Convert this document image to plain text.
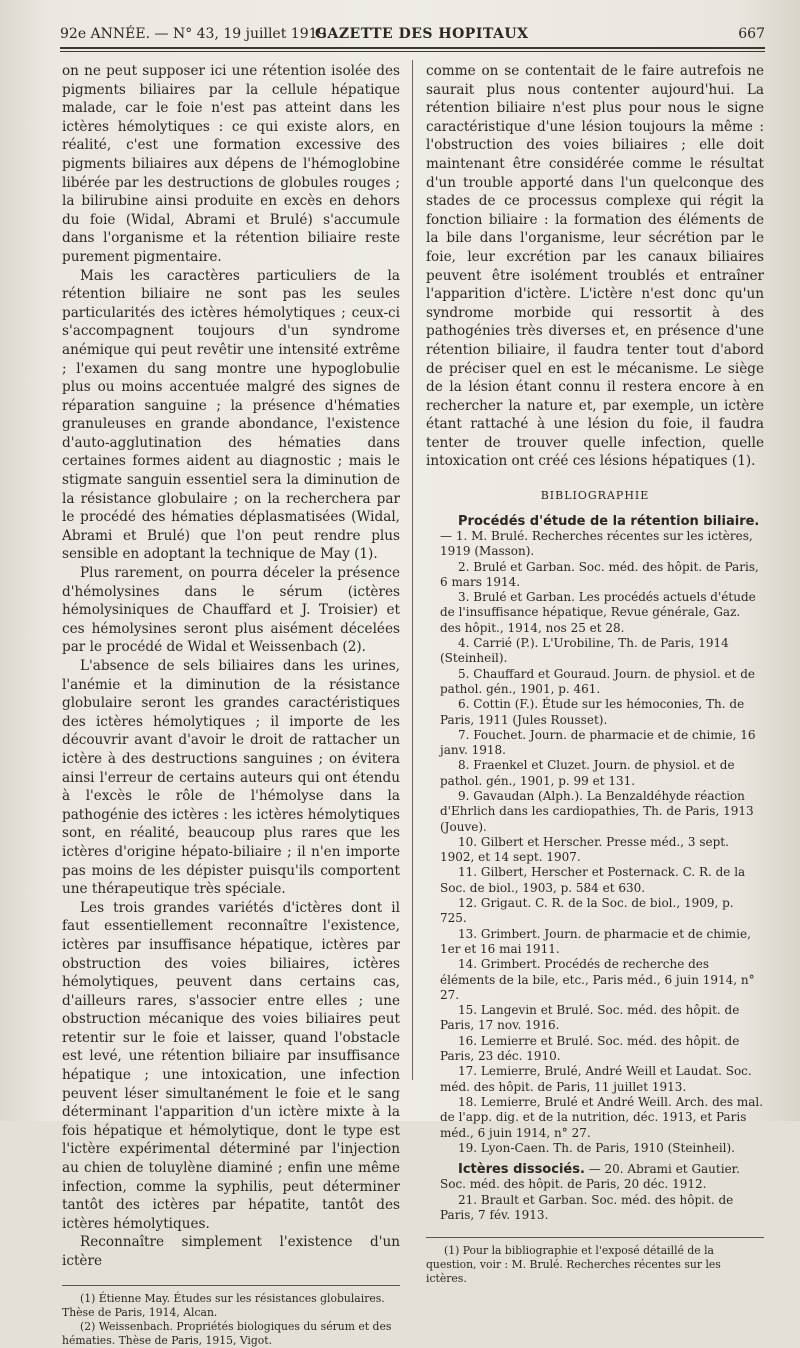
92e ANNÉE. — N° 43, 19 juillet 1919.
GAZETTE DES HOPITAUX	667

on ne peut supposer ici une rétention isolée des pigments biliaires par la cellule hépatique malade, car le foie n'est pas atteint dans les ictères hémolytiques : ce qui existe alors, en réalité, c'est une formation excessive des pigments biliaires aux dépens de l'hémoglobine libérée par les destructions de globules rouges ; la bilirubine ainsi produite en excès en dehors du foie (Widal, Abrami et Brulé) s'accumule dans l'organisme et la rétention biliaire reste purement pigmentaire.

Mais les caractères particuliers de la rétention biliaire ne sont pas les seules particularités des ictères hémolytiques ; ceux-ci s'accompagnent toujours d'un syndrome anémique qui peut revêtir une intensité extrême ; l'examen du sang montre une hypoglobulie plus ou moins accentuée malgré des signes de réparation sanguine ; la présence d'hématies granuleuses en grande abondance, l'existence d'auto-agglutination des hématies dans certaines formes aident au diagnostic ; mais le stigmate sanguin essentiel sera la diminution de la résistance globulaire ; on la recherchera par le procédé des hématies déplasmatisées (Widal, Abrami et Brulé) que l'on peut rendre plus sensible en adoptant la technique de May (1).

Plus rarement, on pourra déceler la présence d'hémolysines dans le sérum (ictères hémolysiniques de Chauffard et J. Troisier) et ces hémolysines seront plus aisément décelées par le procédé de Widal et Weissenbach (2).

L'absence de sels biliaires dans les urines, l'anémie et la diminution de la résistance globulaire seront les grandes caractéristiques des ictères hémolytiques ; il importe de les découvrir avant d'avoir le droit de rattacher un ictère à des destructions sanguines ; on évitera ainsi l'erreur de certains auteurs qui ont étendu à l'excès le rôle de l'hémolyse dans la pathogénie des ictères : les ictères hémolytiques sont, en réalité, beaucoup plus rares que les ictères d'origine hépato-biliaire ; il n'en importe pas moins de les dépister puisqu'ils comportent une thérapeutique très spéciale.

Les trois grandes variétés d'ictères dont il faut essentiellement reconnaître l'existence, ictères par insuffisance hépatique, ictères par obstruction des voies biliaires, ictères hémolytiques, peuvent dans certains cas, d'ailleurs rares, s'associer entre elles ; une obstruction mécanique des voies biliaires peut retentir sur le foie et laisser, quand l'obstacle est levé, une rétention biliaire par insuffisance hépatique ; une intoxication, une infection peuvent léser simultanément le foie et le sang déterminant l'apparition d'un ictère mixte à la fois hépatique et hémolytique, dont le type est l'ictère expérimental déterminé par l'injection au chien de toluylène diaminé ; enfin une même infection, comme la syphilis, peut déterminer tantôt des ictères par hépatite, tantôt des ictères hémolytiques.

Reconnaître simplement l'existence d'un ictère

(1) Étienne May. Études sur les résistances globulaires. Thèse de Paris, 1914, Alcan.

(2) Weissenbach. Propriétés biologiques du sérum et des hématies. Thèse de Paris, 1915, Vigot.

comme on se contentait de le faire autrefois ne saurait plus nous contenter aujourd'hui. La rétention biliaire n'est plus pour nous le signe caractéristique d'une lésion toujours la même : l'obstruction des voies biliaires ; elle doit maintenant être considérée comme le résultat d'un trouble apporté dans l'un quelconque des stades de ce processus complexe qui régit la fonction biliaire : la formation des éléments de la bile dans l'organisme, leur sécrétion par le foie, leur excrétion par les canaux biliaires peuvent être isolément troublés et entraîner l'apparition d'ictère. L'ictère n'est donc qu'un syndrome morbide qui ressortit à des pathogénies très diverses et, en présence d'une rétention biliaire, il faudra tenter tout d'abord de préciser quel en est le mécanisme. Le siège de la lésion étant connu il restera encore à en rechercher la nature et, par exemple, un ictère étant rattaché à une lésion du foie, il faudra tenter de trouver quelle infection, quelle intoxication ont créé ces lésions hépatiques (1).

BIBLIOGRAPHIE

Procédés d'étude de la rétention biliaire. — 1. M. Brulé. Recherches récentes sur les ictères, 1919 (Masson).

2. Brulé et Garban. Soc. méd. des hôpit. de Paris, 6 mars 1914.

3. Brulé et Garban. Les procédés actuels d'étude de l'insuffisance hépatique, Revue générale, Gaz. des hôpit., 1914, nos 25 et 28.

4. Carrié (P.). L'Urobiline, Th. de Paris, 1914 (Steinheil).

5. Chauffard et Gouraud. Journ. de physiol. et de pathol. gén., 1901, p. 461.

6. Cottin (F.). Étude sur les hémoconies, Th. de Paris, 1911 (Jules Rousset).

7. Fouchet. Journ. de pharmacie et de chimie, 16 janv. 1918.

8. Fraenkel et Cluzet. Journ. de physiol. et de pathol. gén., 1901, p. 99 et 131.

9. Gavaudan (Alph.). La Benzaldéhyde réaction d'Ehrlich dans les cardiopathies, Th. de Paris, 1913 (Jouve).

10. Gilbert et Herscher. Presse méd., 3 sept. 1902, et 14 sept. 1907.

11. Gilbert, Herscher et Posternack. C. R. de la Soc. de biol., 1903, p. 584 et 630.

12. Grigaut. C. R. de la Soc. de biol., 1909, p. 725.

13. Grimbert. Journ. de pharmacie et de chimie, 1er et 16 mai 1911.

14. Grimbert. Procédés de recherche des éléments de la bile, etc., Paris méd., 6 juin 1914, n° 27.

15. Langevin et Brulé. Soc. méd. des hôpit. de Paris, 17 nov. 1916.

16. Lemierre et Brulé. Soc. méd. des hôpit. de Paris, 23 déc. 1910.

17. Lemierre, Brulé, André Weill et Laudat. Soc. méd. des hôpit. de Paris, 11 juillet 1913.

18. Lemierre, Brulé et André Weill. Arch. des mal. de l'app. dig. et de la nutrition, déc. 1913, et Paris méd., 6 juin 1914, n° 27.

19. Lyon-Caen. Th. de Paris, 1910 (Steinheil).

Ictères dissociés. — 20. Abrami et Gautier. Soc. méd. des hôpit. de Paris, 20 déc. 1912.

21. Brault et Garban. Soc. méd. des hôpit. de Paris, 7 fév. 1913.

(1) Pour la bibliographie et l'exposé détaillé de la question, voir : M. Brulé. Recherches récentes sur les ictères.
